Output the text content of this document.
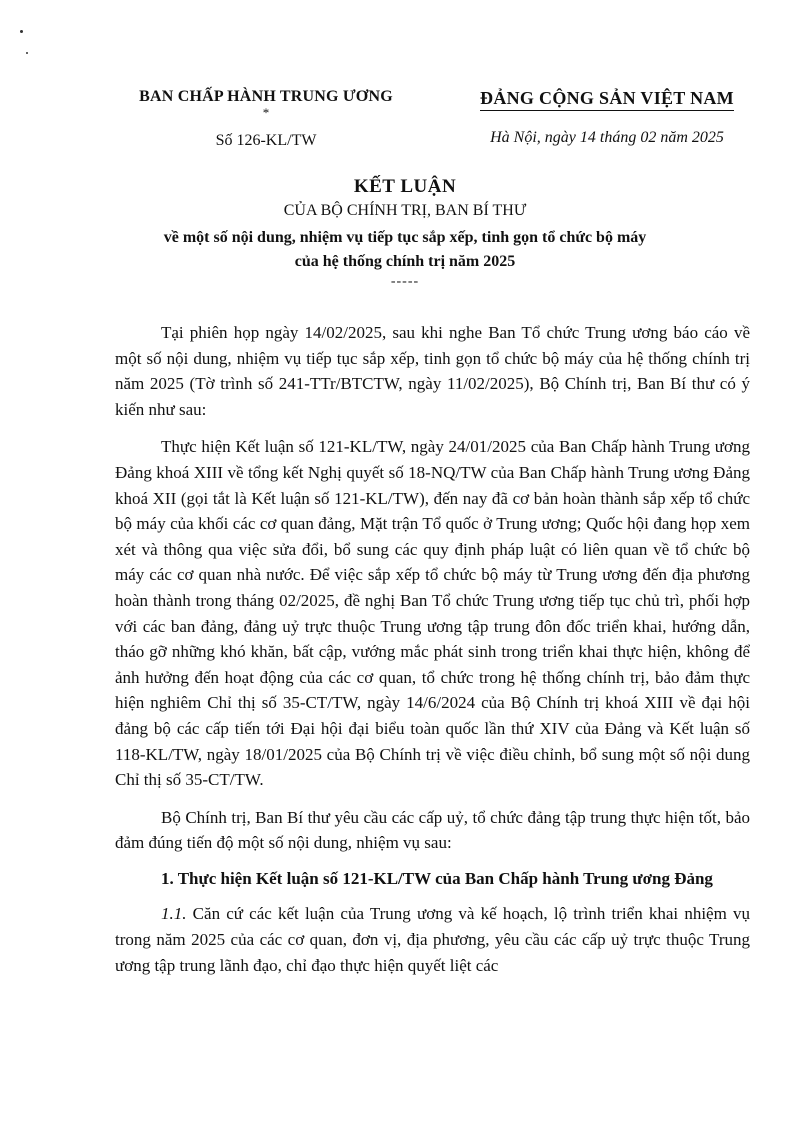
BAN CHẤP HÀNH TRUNG ƯƠNG
*
Số 126-KL/TW
ĐẢNG CỘNG SẢN VIỆT NAM
Hà Nội, ngày 14 tháng 02 năm 2025
KẾT LUẬN
CỦA BỘ CHÍNH TRỊ, BAN BÍ THƯ
về một số nội dung, nhiệm vụ tiếp tục sắp xếp, tinh gọn tổ chức bộ máy
của hệ thống chính trị năm 2025
-----

Tại phiên họp ngày 14/02/2025, sau khi nghe Ban Tổ chức Trung ương báo cáo về một số nội dung, nhiệm vụ tiếp tục sắp xếp, tinh gọn tổ chức bộ máy của hệ thống chính trị năm 2025 (Tờ trình số 241-TTr/BTCTW, ngày 11/02/2025), Bộ Chính trị, Ban Bí thư có ý kiến như sau:

Thực hiện Kết luận số 121-KL/TW, ngày 24/01/2025 của Ban Chấp hành Trung ương Đảng khoá XIII về tổng kết Nghị quyết số 18-NQ/TW của Ban Chấp hành Trung ương Đảng khoá XII (gọi tắt là Kết luận số 121-KL/TW), đến nay đã cơ bản hoàn thành sắp xếp tổ chức bộ máy của khối các cơ quan đảng, Mặt trận Tổ quốc ở Trung ương; Quốc hội đang họp xem xét và thông qua việc sửa đổi, bổ sung các quy định pháp luật có liên quan về tổ chức bộ máy các cơ quan nhà nước. Để việc sắp xếp tổ chức bộ máy từ Trung ương đến địa phương hoàn thành trong tháng 02/2025, đề nghị Ban Tổ chức Trung ương tiếp tục chủ trì, phối hợp với các ban đảng, đảng uỷ trực thuộc Trung ương tập trung đôn đốc triển khai, hướng dẫn, tháo gỡ những khó khăn, bất cập, vướng mắc phát sinh trong triển khai thực hiện, không để ảnh hưởng đến hoạt động của các cơ quan, tổ chức trong hệ thống chính trị, bảo đảm thực hiện nghiêm Chỉ thị số 35-CT/TW, ngày 14/6/2024 của Bộ Chính trị khoá XIII về đại hội đảng bộ các cấp tiến tới Đại hội đại biểu toàn quốc lần thứ XIV của Đảng và Kết luận số 118-KL/TW, ngày 18/01/2025 của Bộ Chính trị về việc điều chỉnh, bổ sung một số nội dung Chỉ thị số 35-CT/TW.

Bộ Chính trị, Ban Bí thư yêu cầu các cấp uỷ, tổ chức đảng tập trung thực hiện tốt, bảo đảm đúng tiến độ một số nội dung, nhiệm vụ sau:

1. Thực hiện Kết luận số 121-KL/TW của Ban Chấp hành Trung ương Đảng

1.1. Căn cứ các kết luận của Trung ương và kế hoạch, lộ trình triển khai nhiệm vụ trong năm 2025 của các cơ quan, đơn vị, địa phương, yêu cầu các cấp uỷ trực thuộc Trung ương tập trung lãnh đạo, chỉ đạo thực hiện quyết liệt các
